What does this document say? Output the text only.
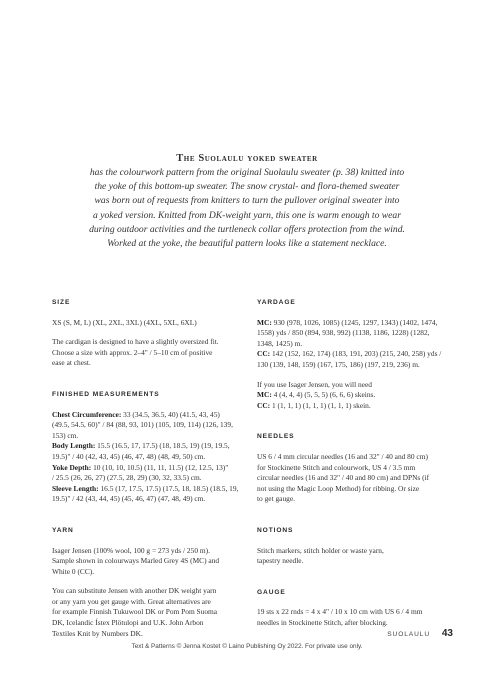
The Suolaulu yoked sweater
has the colourwork pattern from the original Suolaulu sweater (p. 38) knitted into
the yoke of this bottom-up sweater. The snow crystal- and flora-themed sweater
was born out of requests from knitters to turn the pullover original sweater into
a yoked version. Knitted from DK-weight yarn, this one is warm enough to wear
during outdoor activities and the turtleneck collar offers protection from the wind.
Worked at the yoke, the beautiful pattern looks like a statement necklace.
SIZE
XS (S, M, L) (XL, 2XL, 3XL) (4XL, 5XL, 6XL)
The cardigan is designed to have a slightly oversized fit.
Choose a size with approx. 2–4" / 5–10 cm of positive
ease at chest.
FINISHED MEASUREMENTS
Chest Circumference: 33 (34.5, 36.5, 40) (41.5, 43, 45)
(49.5, 54.5, 60)" / 84 (88, 93, 101) (105, 109, 114) (126, 139,
153) cm.
Body Length: 15.5 (16.5, 17, 17.5) (18, 18.5, 19) (19, 19.5,
19.5)" / 40 (42, 43, 45) (46, 47, 48) (48, 49, 50) cm.
Yoke Depth: 10 (10, 10, 10.5) (11, 11, 11.5) (12, 12.5, 13)"
/ 25.5 (26, 26, 27) (27.5, 28, 29) (30, 32, 33.5) cm.
Sleeve Length: 16.5 (17, 17.5, 17.5) (17.5, 18, 18.5) (18.5, 19,
19.5)" / 42 (43, 44, 45) (45, 46, 47) (47, 48, 49) cm.
YARN
Isager Jensen (100% wool, 100 g = 273 yds / 250 m).
Sample shown in colourways Marled Grey 4S (MC) and
White 0 (CC).
You can substitute Jensen with another DK weight yarn
or any yarn you get gauge with. Great alternatives are
for example Finnish Tukuwool DK or Pom Pom Suoma
DK, Icelandic Ístex Plötulopi and U.K. John Arbon
Textiles Knit by Numbers DK.
YARDAGE
MC: 930 (978, 1026, 1085) (1245, 1297, 1343) (1402, 1474,
1558) yds / 850 (894, 938, 992) (1138, 1186, 1228) (1282,
1348, 1425) m.
CC: 142 (152, 162, 174) (183, 191, 203) (215, 240, 258) yds /
130 (139, 148, 159) (167, 175, 186) (197, 219, 236) m.
If you use Isager Jensen, you will need
MC: 4 (4, 4, 4) (5, 5, 5) (6, 6, 6) skeins.
CC: 1 (1, 1, 1) (1, 1, 1) (1, 1, 1) skein.
NEEDLES
US 6 / 4 mm circular needles (16 and 32" / 40 and 80 cm)
for Stockinette Stitch and colourwork, US 4 / 3.5 mm
circular needles (16 and 32" / 40 and 80 cm) and DPNs (if
not using the Magic Loop Method) for ribbing. Or size
to get gauge.
NOTIONS
Stitch markers, stitch holder or waste yarn,
tapestry needle.
GAUGE
19 sts x 22 rnds = 4 x 4" / 10 x 10 cm with US 6 / 4 mm
needles in Stockinette Stitch, after blocking.
SUOLAULU 43
Text & Patterns © Jenna Kostet © Laino Publishing Oy 2022. For private use only.
